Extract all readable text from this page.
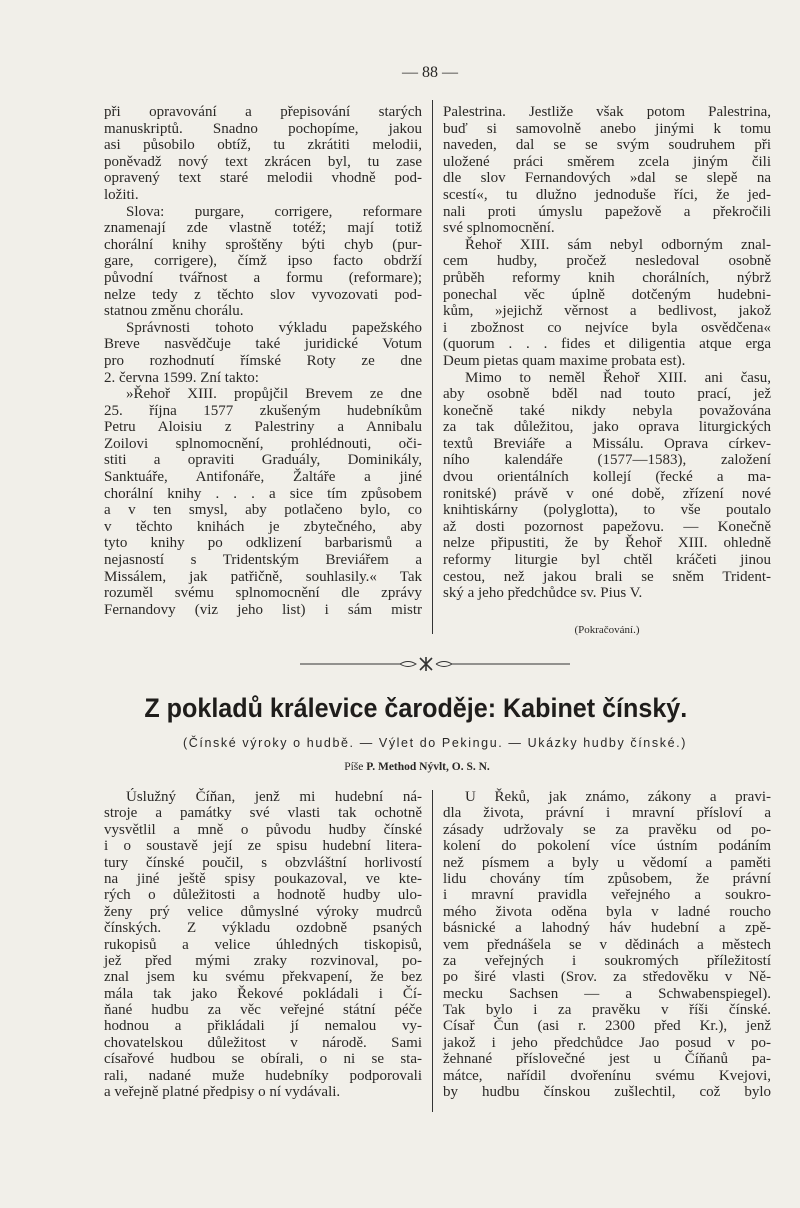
— 88 —
při opravování a přepisování starých
manuskriptů. Snadno pochopíme, jakou
asi působilo obtíž, tu zkrátiti melodii,
poněvadž nový text zkrácen byl, tu zase
opravený text staré melodii vhodně pod-
ložiti.
Slova: purgare, corrigere, reformare
znamenají zde vlastně totéž; mají totiž
chorální knihy sproštěny býti chyb (pur-
gare, corrigere), čímž ipso facto obdrží
původní tvářnost a formu (reformare);
nelze tedy z těchto slov vyvozovati pod-
statnou změnu chorálu.
Správnosti tohoto výkladu papežského
Breve nasvědčuje také juridické Votum
pro rozhodnutí římské Roty ze dne
2. června 1599. Zní takto:
»Řehoř XIII. propůjčil Brevem ze dne
25. října 1577 zkušeným hudebníkům
Petru Aloisiu z Palestriny a Annibalu
Zoilovi splnomocnění, prohlédnouti, oči-
stiti a opraviti Graduály, Dominikály,
Sanktuáře, Antifonáře, Žaltáře a jiné
chorální knihy . . . a sice tím způsobem
a v ten smysl, aby potlačeno bylo, co
v těchto knihách je zbytečného, aby
tyto knihy po odklizení barbarismů a
nejasností s Tridentským Breviářem a
Missálem, jak patřičně, souhlasily.« Tak
rozuměl svému splnomocnění dle zprávy
Fernandovy (viz jeho list) i sám mistr
Palestrina. Jestliže však potom Palestrina,
buď si samovolně anebo jinými k tomu
naveden, dal se se svým soudruhem při
uložené práci směrem zcela jiným čili
dle slov Fernandových »dal se slepě na
scestí«, tu dlužno jednoduše říci, že jed-
nali proti úmyslu papežově a překročili
své splnomocnění.
Řehoř XIII. sám nebyl odborným znal-
cem hudby, pročež nesledoval osobně
průběh reformy knih chorálních, nýbrž
ponechal věc úplně dotčeným hudebni-
kům, »jejichž věrnost a bedlivost, jakož
i zbožnost co nejvíce byla osvědčena«
(quorum . . . fides et diligentia atque erga
Deum pietas quam maxime probata est).
Mimo to neměl Řehoř XIII. ani času,
aby osobně bděl nad touto prací, jež
konečně také nikdy nebyla považována
za tak důležitou, jako oprava liturgických
textů Breviáře a Missálu. Oprava církev-
ního kalendáře (1577—1583), založení
dvou orientálních kollejí (řecké a ma-
ronitské) právě v oné době, zřízení nové
knihtiskárny (polyglotta), to vše poutalo
až dosti pozornost papežovu. — Konečně
nelze připustiti, že by Řehoř XIII. ohledně
reformy liturgie byl chtěl kráčeti jinou
cestou, než jakou brali se sněm Trident-
ský a jeho předchůdce sv. Pius V.
(Pokračování.)
Z pokladů králevice čaroděje: Kabinet čínský.
(Čínské výroky o hudbě. — Výlet do Pekingu. — Ukázky hudby čínské.)
Píše P. Method Nývlt, O. S. N.
Úslužný Číňan, jenž mi hudební ná-
stroje a památky své vlasti tak ochotně
vysvětlil a mně o původu hudby čínské
i o soustavě její ze spisu hudební litera-
tury čínské poučil, s obzvláštní horlivostí
na jiné ještě spisy poukazoval, ve kte-
rých o důležitosti a hodnotě hudby ulo-
ženy prý velice důmyslné výroky mudrců
čínských. Z výkladu ozdobně psaných
rukopisů a velice úhledných tiskopisů,
jež před mými zraky rozvinoval, po-
znal jsem ku svému překvapení, že bez
mála tak jako Řekové pokládali i Čí-
ňané hudbu za věc veřejné státní péče
hodnou a přikládali jí nemalou vy-
chovatelskou důležitost v národě. Sami
císařové hudbou se obírali, o ni se sta-
rali, nadané muže hudebníky podporovali
a veřejně platné předpisy o ní vydávali.
U Řeků, jak známo, zákony a pravi-
dla života, právní i mravní přísloví a
zásady udržovaly se za pravěku od po-
kolení do pokolení více ústním podáním
než písmem a byly u vědomí a paměti
lidu chovány tím způsobem, že právní
i mravní pravidla veřejného a soukro-
mého života oděna byla v ladné roucho
básnické a lahodný háv hudební a zpě-
vem přednášela se v dědinách a městech
za veřejných i soukromých příležitostí
po širé vlasti (Srov. za středověku v Ně-
mecku Sachsen — a Schwabenspiegel).
Tak bylo i za pravěku v říši čínské.
Císař Čun (asi r. 2300 před Kr.), jenž
jakož i jeho předchůdce Jao posud v po-
žehnané příslovečné jest u Číňanů pa-
mátce, nařídil dvořenínu svému Kvejovi,
by hudbu čínskou zušlechtil, což bylo
